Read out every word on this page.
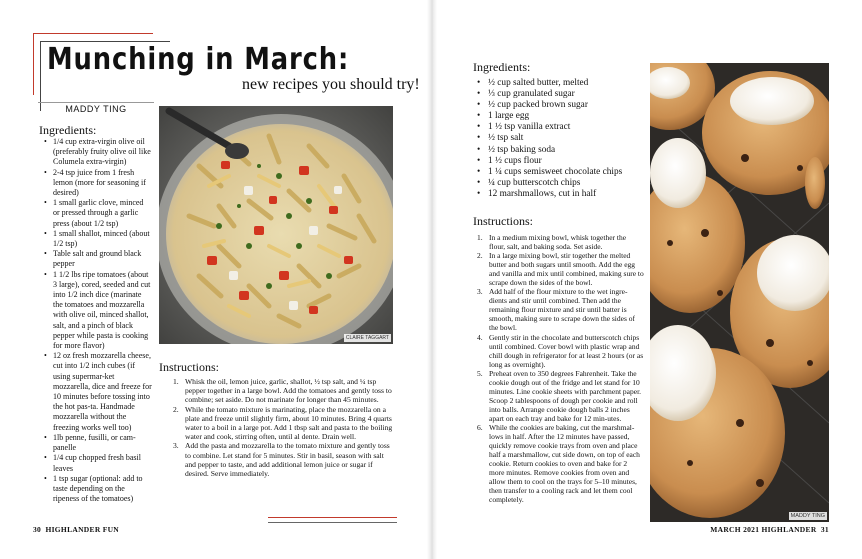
Munching in March:
new recipes you should try!
MADDY TING
Ingredients:
• 1/4 cup extra-virgin olive oil (preferably fruity olive oil like Columela extra-virgin)
• 2-4 tsp juice from 1 fresh lemon (more for seasoning if desired)
• 1 small garlic clove, minced or pressed through a garlic press (about 1/2 tsp)
• 1 small shallot, minced (about 1/2 tsp)
• Table salt and ground black pepper
• 1 1/2 lbs ripe tomatoes (about 3 large), cored, seeded and cut into 1/2 inch dice (marinate the tomatoes and mozzarella with olive oil, minced shallot, salt, and a pinch of black pepper while pasta is cooking for more flavor)
• 12 oz fresh mozzarella cheese, cut into 1/2 inch cubes (if using supermar-ket mozzarella, dice and freeze for 10 minutes before tossing into the hot pas-ta. Handmade mozzarella without the freezing works well too)
• 1lb penne, fusilli, or cam-panelle
• 1/4 cup chopped fresh basil leaves
• 1 tsp sugar (optional: add to taste depending on the ripeness of the tomatoes)
CLAIRE TAGGART
Instructions:
1. Whisk the oil, lemon juice, garlic, shallot, ½ tsp salt, and ¼ tsp pepper together in a large bowl. Add the tomatoes and gently toss to combine; set aside. Do not marinate for longer than 45 minutes.
2. While the tomato mixture is marinating, place the mozzarella on a plate and freeze until slightly firm, about 10 minutes. Bring 4 quarts water to a boil in a large pot. Add 1 tbsp salt and pasta to the boiling water and cook, stirring often, until al dente. Drain well.
3. Add the pasta and mozzarella to the tomato mixture and gently toss to combine. Let stand for 5 minutes. Stir in basil, season with salt and pepper to taste, and add additional lemon juice or sugar if desired. Serve immediately.
30  HIGHLANDER FUN
Ingredients:
• ½ cup salted butter, melted
• ⅓ cup granulated sugar
• ½ cup packed brown sugar
• 1 large egg
• 1 ½ tsp vanilla extract
• ½ tsp salt
• ½ tsp baking soda
• 1 ½ cups flour
• 1 ¼ cups semisweet chocolate chips
• ¼ cup butterscotch chips
• 12 marshmallows, cut in half
Instructions:
1. In a medium mixing bowl, whisk together the flour, salt, and baking soda. Set aside.
2. In a large mixing bowl, stir together the melted butter and both sugars until smooth. Add the egg and vanilla and mix until combined, making sure to scrape down the sides of the bowl.
3. Add half of the flour mixture to the wet ingre-dients and stir until combined. Then add the remaining flour mixture and stir until batter is smooth, making sure to scrape down the sides of the bowl.
4. Gently stir in the chocolate and butterscotch chips until combined. Cover bowl with plastic wrap and chill dough in refrigerator for at least 2 hours (or as long as overnight).
5. Preheat oven to 350 degrees Fahrenheit. Take the cookie dough out of the fridge and let stand for 10 minutes. Line cookie sheets with parchment paper. Scoop 2 tablespoons of dough per cookie and roll into balls. Arrange cookie dough balls 2 inches apart on each tray and bake for 12 min-utes.
6. While the cookies are baking, cut the marshmal-lows in half. After the 12 minutes have passed, quickly remove cookie trays from oven and place half a marshmallow, cut side down, on top of each cookie. Return cookies to oven and bake for 2 more minutes. Remove cookies from oven and allow them to cool on the trays for 5–10 minutes, then transfer to a cooling rack and let them cool completely.
MADDY TING
MARCH 2021 HIGHLANDER  31
